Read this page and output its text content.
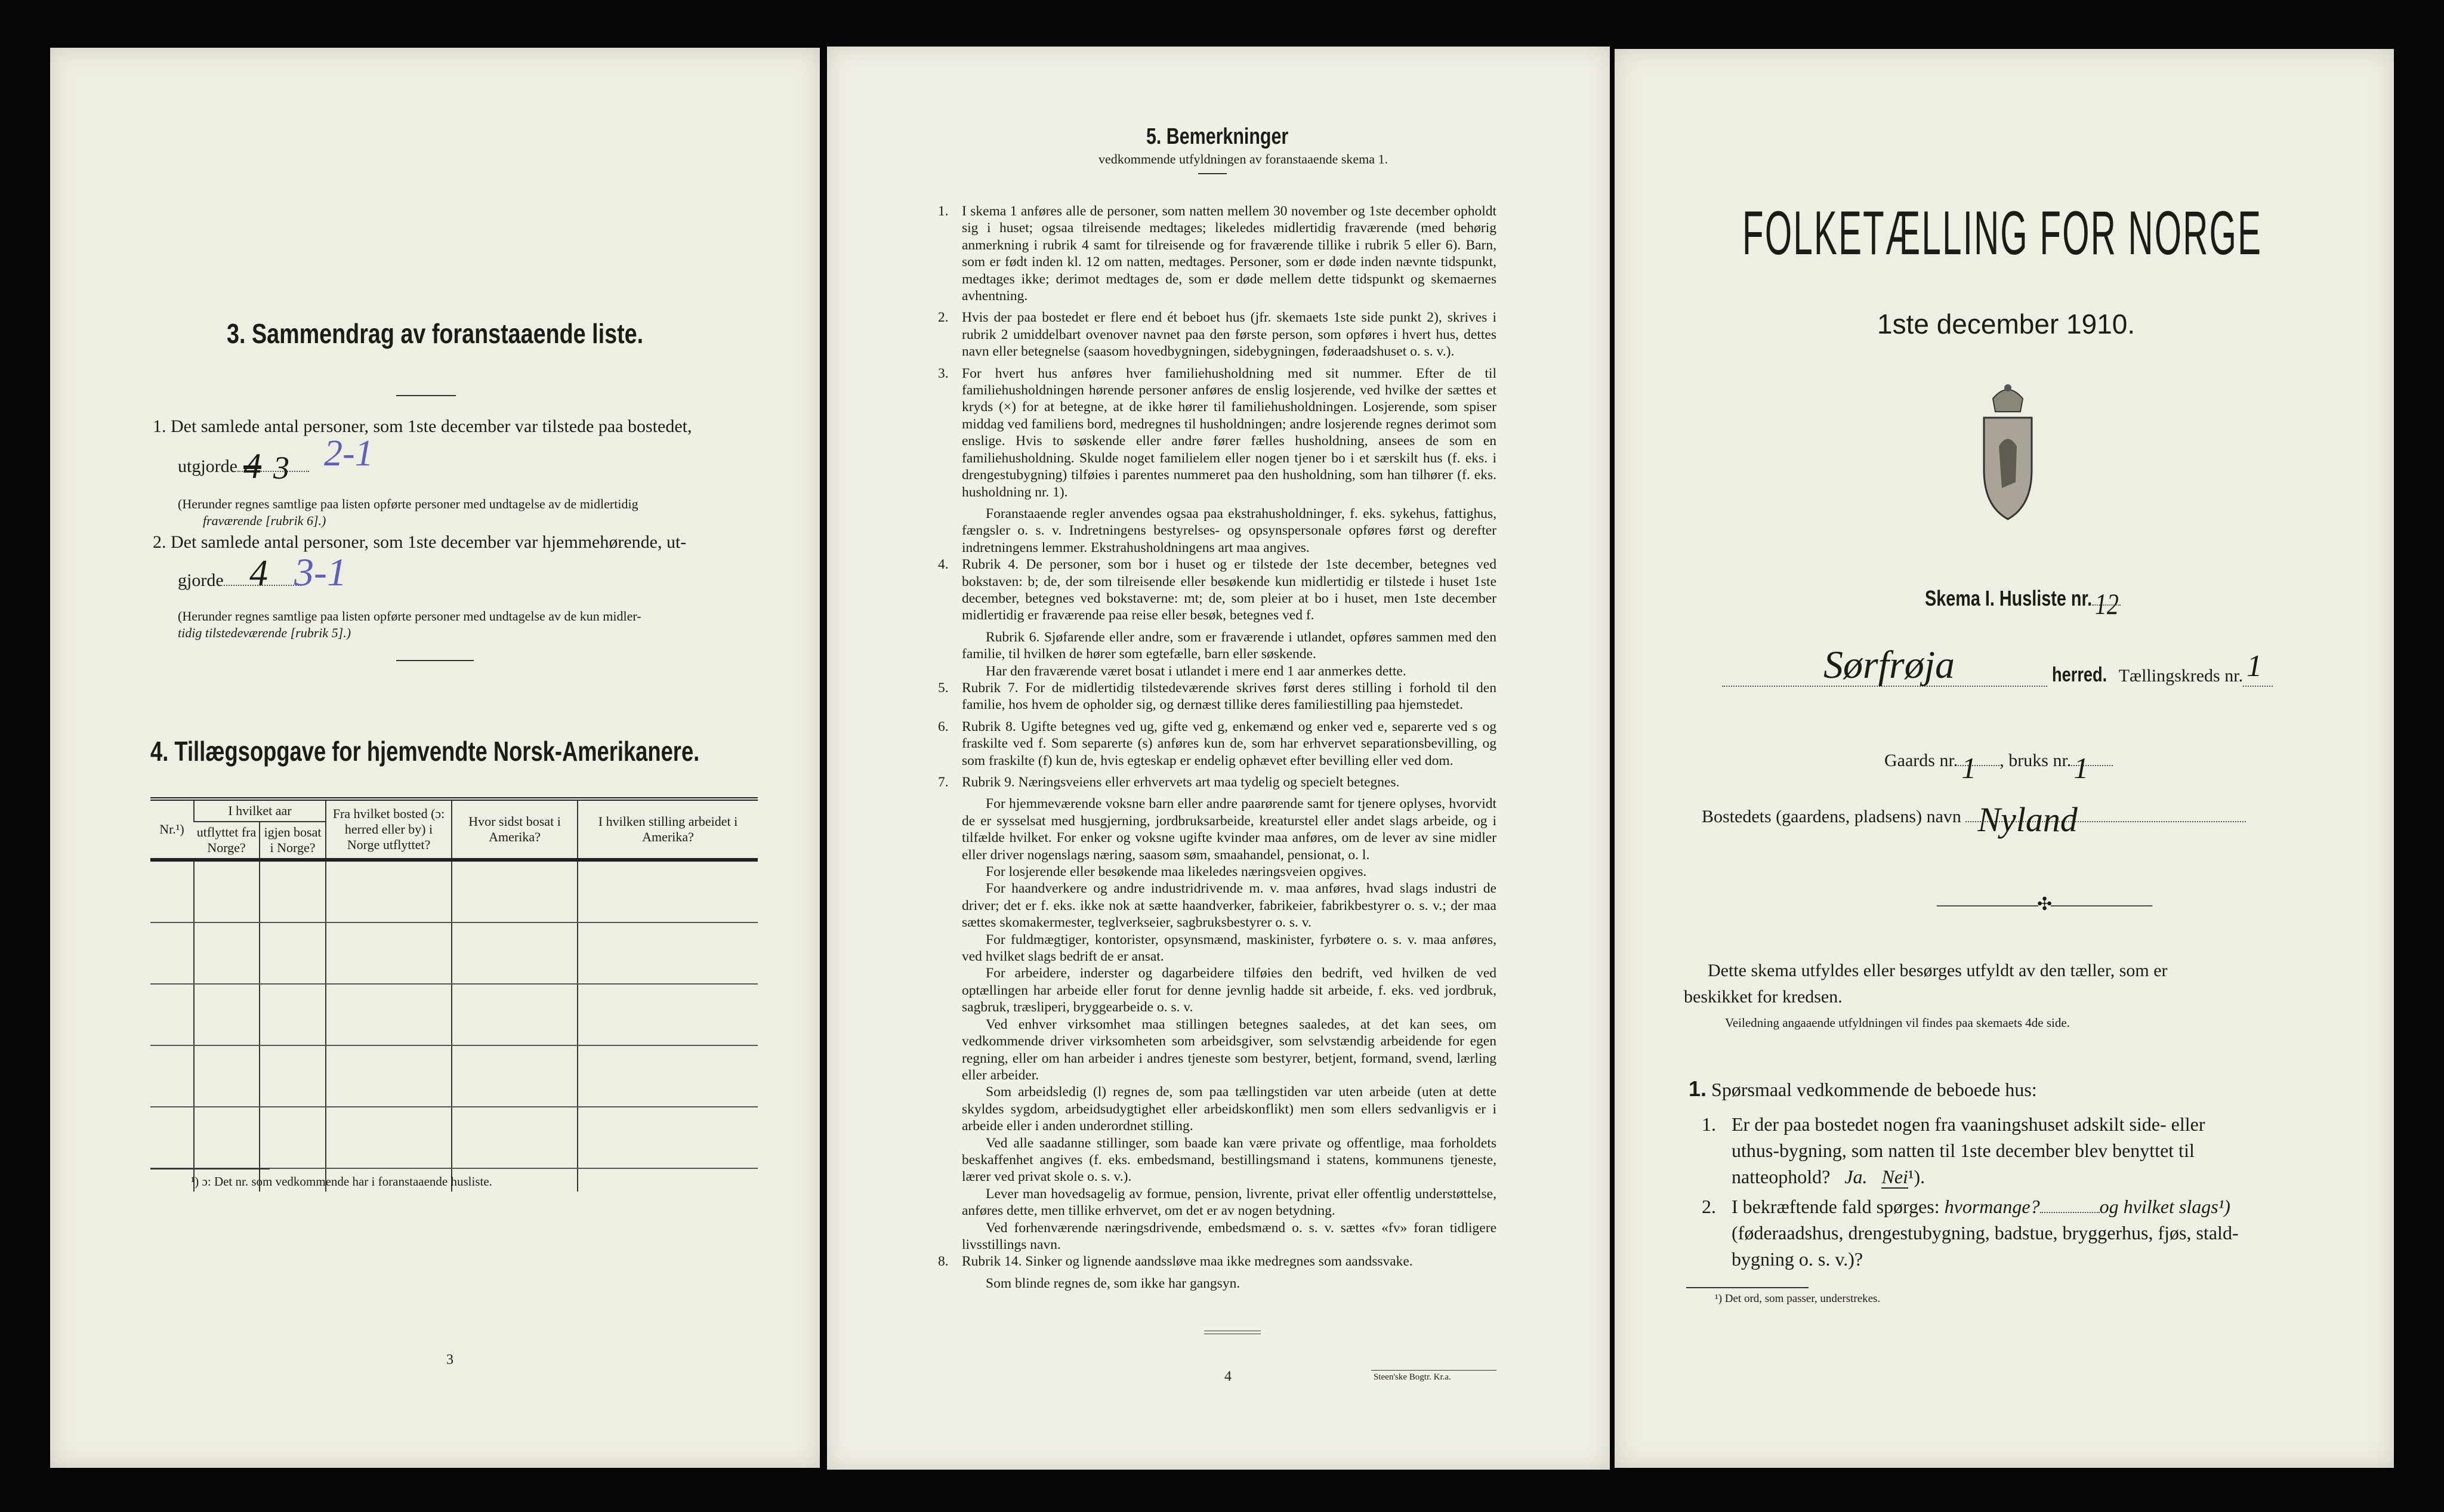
3. Sammendrag av foranstaaende liste.
1. Det samlede antal personer, som 1ste december var tilstede paa bostedet,
utgjorde 4 3 2-1
(Herunder regnes samtlige paa listen opførte personer med undtagelse av de midlertidig
fraværende [rubrik 6].)
2. Det samlede antal personer, som 1ste december var hjemmehørende, ut-
gjorde 4 3-1
(Herunder regnes samtlige paa listen opførte personer med undtagelse av de kun midler-
tidig tilstedeværende [rubrik 5].)
4. Tillægsopgave for hjemvendte Norsk-Amerikanere.
Nr.¹)	I hvilket aar		Fra hvilket bosted (ɔ: herred eller by) i Norge utflyttet?	Hvor sidst bosat i Amerika?	I hvilken stilling arbeidet i Amerika?
	utflyttet fra Norge?	igjen bosat i Norge?			

¹) ɔ: Det nr. som vedkommende har i foranstaaende husliste.
3
5. Bemerkninger
vedkommende utfyldningen av foranstaaende skema 1.

1. I skema 1 anføres alle de personer, som natten mellem 30 november og 1ste december opholdt sig i huset; ogsaa tilreisende medtages; likeledes midlertidig fraværende (med behørig anmerkning i rubrik 4 samt for tilreisende og for fraværende tillike i rubrik 5 eller 6). Barn, som er født inden kl. 12 om natten, medtages. Personer, som er døde inden nævnte tidspunkt, medtages ikke; derimot medtages de, som er døde mellem dette tidspunkt og skemaernes avhentning.

2. Hvis der paa bostedet er flere end ét beboet hus (jfr. skemaets 1ste side punkt 2), skrives i rubrik 2 umiddelbart ovenover navnet paa den første person, som opføres i hvert hus, dettes navn eller betegnelse (saasom hovedbygningen, sidebygningen, føderaadshuset o. s. v.).

3. For hvert hus anføres hver familiehusholdning med sit nummer. Efter de til familiehusholdningen hørende personer anføres de enslig losjerende, ved hvilke der sættes et kryds (×) for at betegne, at de ikke hører til familiehusholdningen. Losjerende, som spiser middag ved familiens bord, medregnes til husholdningen; andre losjerende regnes derimot som enslige. Hvis to søskende eller andre fører fælles husholdning, ansees de som en familiehusholdning. Skulde noget familielem eller nogen tjener bo i et særskilt hus (f. eks. i drengestubygning) tilføies i parentes nummeret paa den husholdning, som han tilhører (f. eks. husholdning nr. 1).

Foranstaaende regler anvendes ogsaa paa ekstrahusholdninger, f. eks. sykehus, fattighus, fængsler o. s. v. Indretningens bestyrelses- og opsynspersonale opføres først og derefter indretningens lemmer. Ekstrahusholdningens art maa angives.

4. Rubrik 4. De personer, som bor i huset og er tilstede der 1ste december, betegnes ved bokstaven: b; de, der som tilreisende eller besøkende kun midlertidig er tilstede i huset 1ste december, betegnes ved bokstaverne: mt; de, som pleier at bo i huset, men 1ste december midlertidig er fraværende paa reise eller besøk, betegnes ved f.

Rubrik 6. Sjøfarende eller andre, som er fraværende i utlandet, opføres sammen med den familie, til hvilken de hører som egtefælle, barn eller søskende.

Har den fraværende været bosat i utlandet i mere end 1 aar anmerkes dette.

5. Rubrik 7. For de midlertidig tilstedeværende skrives først deres stilling i forhold til den familie, hos hvem de opholder sig, og dernæst tillike deres familiestilling paa hjemstedet.

6. Rubrik 8. Ugifte betegnes ved ug, gifte ved g, enkemænd og enker ved e, separerte ved s og fraskilte ved f. Som separerte (s) anføres kun de, som har erhvervet separationsbevilling, og som fraskilte (f) kun de, hvis egteskap er endelig ophævet efter bevilling eller ved dom.

7. Rubrik 9. Næringsveiens eller erhvervets art maa tydelig og specielt betegnes.

For hjemmeværende voksne barn eller andre paarørende samt for tjenere oplyses, hvorvidt de er sysselsat med husgjerning, jordbruksarbeide, kreaturstel eller andet slags arbeide, og i tilfælde hvilket. For enker og voksne ugifte kvinder maa anføres, om de lever av sine midler eller driver nogenslags næring, saasom søm, smaahandel, pensionat, o. l.

For losjerende eller besøkende maa likeledes næringsveien opgives.

For haandverkere og andre industridrivende m. v. maa anføres, hvad slags industri de driver; det er f. eks. ikke nok at sætte haandverker, fabrikeier, fabrikbestyrer o. s. v.; der maa sættes skomakermester, teglverkseier, sagbruksbestyrer o. s. v.

For fuldmægtiger, kontorister, opsynsmænd, maskinister, fyrbøtere o. s. v. maa anføres, ved hvilket slags bedrift de er ansat.

For arbeidere, inderster og dagarbeidere tilføies den bedrift, ved hvilken de ved optællingen har arbeide eller forut for denne jevnlig hadde sit arbeide, f. eks. ved jordbruk, sagbruk, træsliperi, bryggearbeide o. s. v.

Ved enhver virksomhet maa stillingen betegnes saaledes, at det kan sees, om vedkommende driver virksomheten som arbeidsgiver, som selvstændig arbeidende for egen regning, eller om han arbeider i andres tjeneste som bestyrer, betjent, formand, svend, lærling eller arbeider.

Som arbeidsledig (l) regnes de, som paa tællingstiden var uten arbeide (uten at dette skyldes sygdom, arbeidsudygtighet eller arbeidskonflikt) men som ellers sedvanligvis er i arbeide eller i anden underordnet stilling.

Ved alle saadanne stillinger, som baade kan være private og offentlige, maa forholdets beskaffenhet angives (f. eks. embedsmand, bestillingsmand i statens, kommunens tjeneste, lærer ved privat skole o. s. v.).

Lever man hovedsagelig av formue, pension, livrente, privat eller offentlig understøttelse, anføres dette, men tillike erhvervet, om det er av nogen betydning.

Ved forhenværende næringsdrivende, embedsmænd o. s. v. sættes «fv» foran tidligere livsstillings navn.

8. Rubrik 14. Sinker og lignende aandssløve maa ikke medregnes som aandssvake.

Som blinde regnes de, som ikke har gangsyn.

4	Steen'ske Bogtr. Kr.a.
FOLKETÆLLING FOR NORGE
1ste december 1910.
Skema I. Husliste nr. 12
Sørfrøja	herred. Tællingskreds nr. 1
Gaards nr. 1 , bruks nr. 1
Bostedets (gaardens, pladsens) navn Nyland
――――――✣――――――
Dette skema utfyldes eller besørges utfyldt av den tæller, som er
beskikket for kredsen.
Veiledning angaaende utfyldningen vil findes paa skemaets 4de side.
1. Spørsmaal vedkommende de beboede hus:
1. Er der paa bostedet nogen fra vaaningshuset adskilt side- eller
uthus-bygning, som natten til 1ste december blev benyttet til
natteophold? Ja. Nei¹).
2. I bekræftende fald spørges: hvormange?	og hvilket slags¹)
(føderaadshus, drengestubygning, badstue, bryggerhus, fjøs, stald-
bygning o. s. v.)?
¹) Det ord, som passer, understrekes.
